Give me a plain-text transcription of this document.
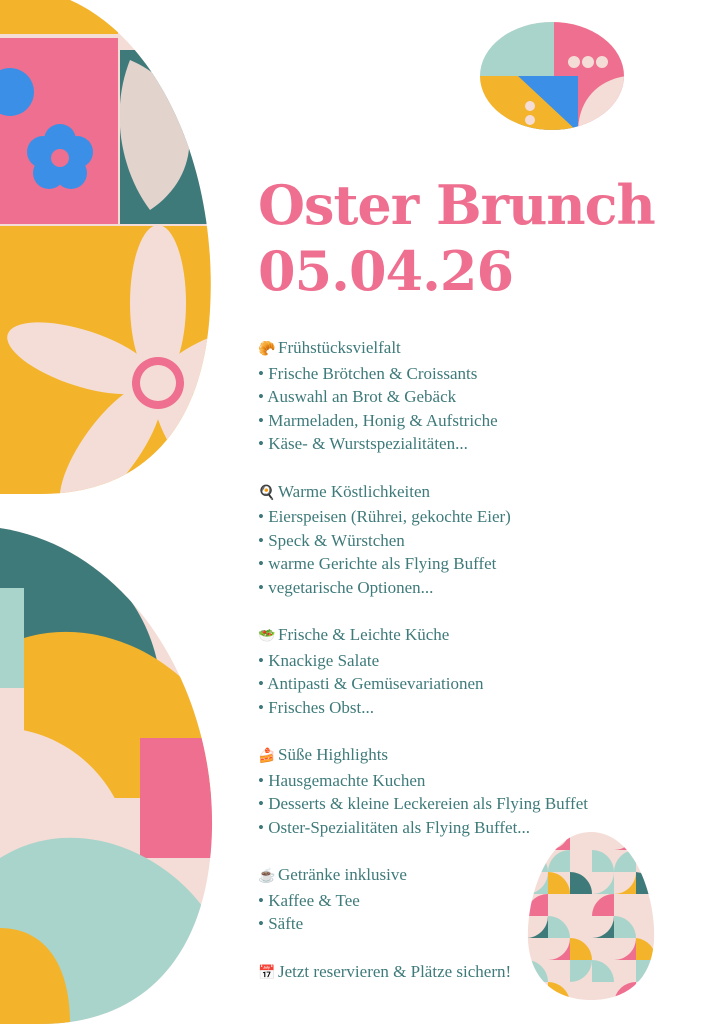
Oster Brunch
05.04.26
🥐 Frühstücksvielfalt
• Frische Brötchen & Croissants
• Auswahl an Brot & Gebäck
• Marmeladen, Honig & Aufstriche
• Käse- & Wurstspezialitäten...
🍳 Warme Köstlichkeiten
• Eierspeisen (Rührei, gekochte Eier)
• Speck & Würstchen
• warme Gerichte als Flying Buffet
• vegetarische Optionen...
🥗 Frische & Leichte Küche
• Knackige Salate
• Antipasti & Gemüsevariationen
• Frisches Obst...
🍰 Süße Highlights
• Hausgemachte Kuchen
• Desserts & kleine Leckereien als Flying Buffet
• Oster-Spezialitäten als Flying Buffet...
☕ Getränke inklusive
• Kaffee & Tee
• Säfte
📅 Jetzt reservieren & Plätze sichern!
